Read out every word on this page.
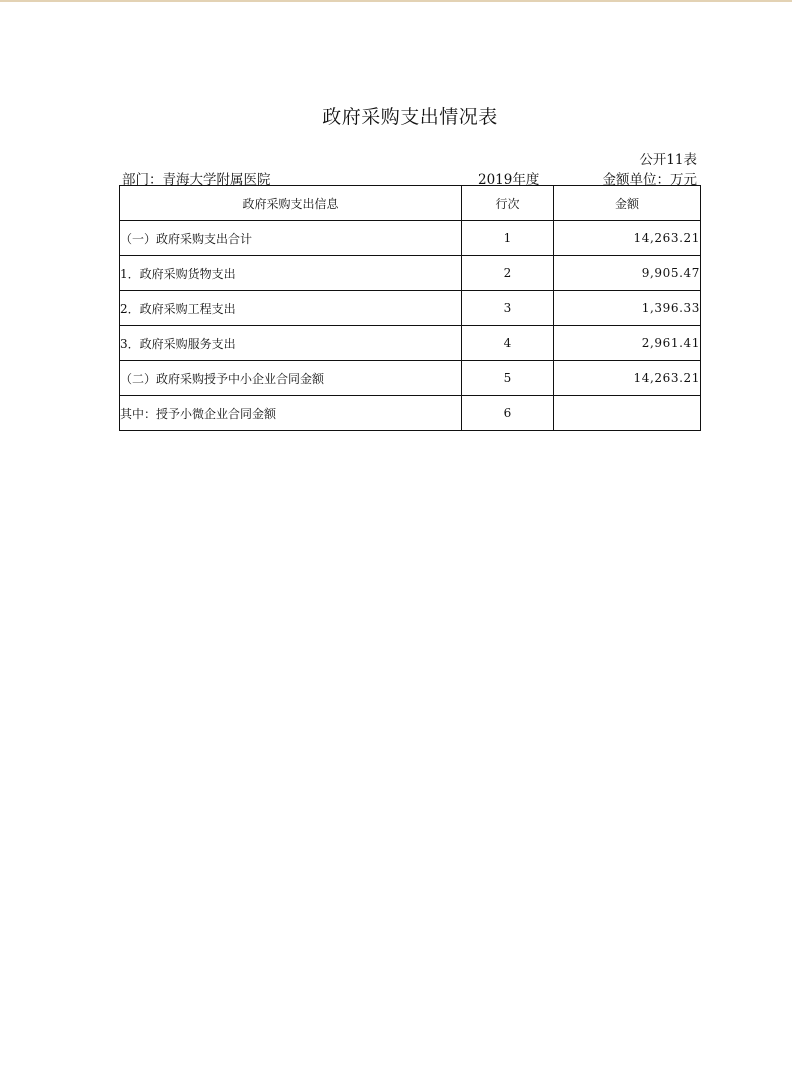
政府采购支出情况表
公开11表
部门：青海大学附属医院	2019年度	金额单位：万元
政府采购支出信息	行次	金额
（一）政府采购支出合计	1	14,263.21
1．政府采购货物支出	2	9,905.47
2．政府采购工程支出	3	1,396.33
3．政府采购服务支出	4	2,961.41
（二）政府采购授予中小企业合同金额	5	14,263.21
其中：授予小微企业合同金额	6	
